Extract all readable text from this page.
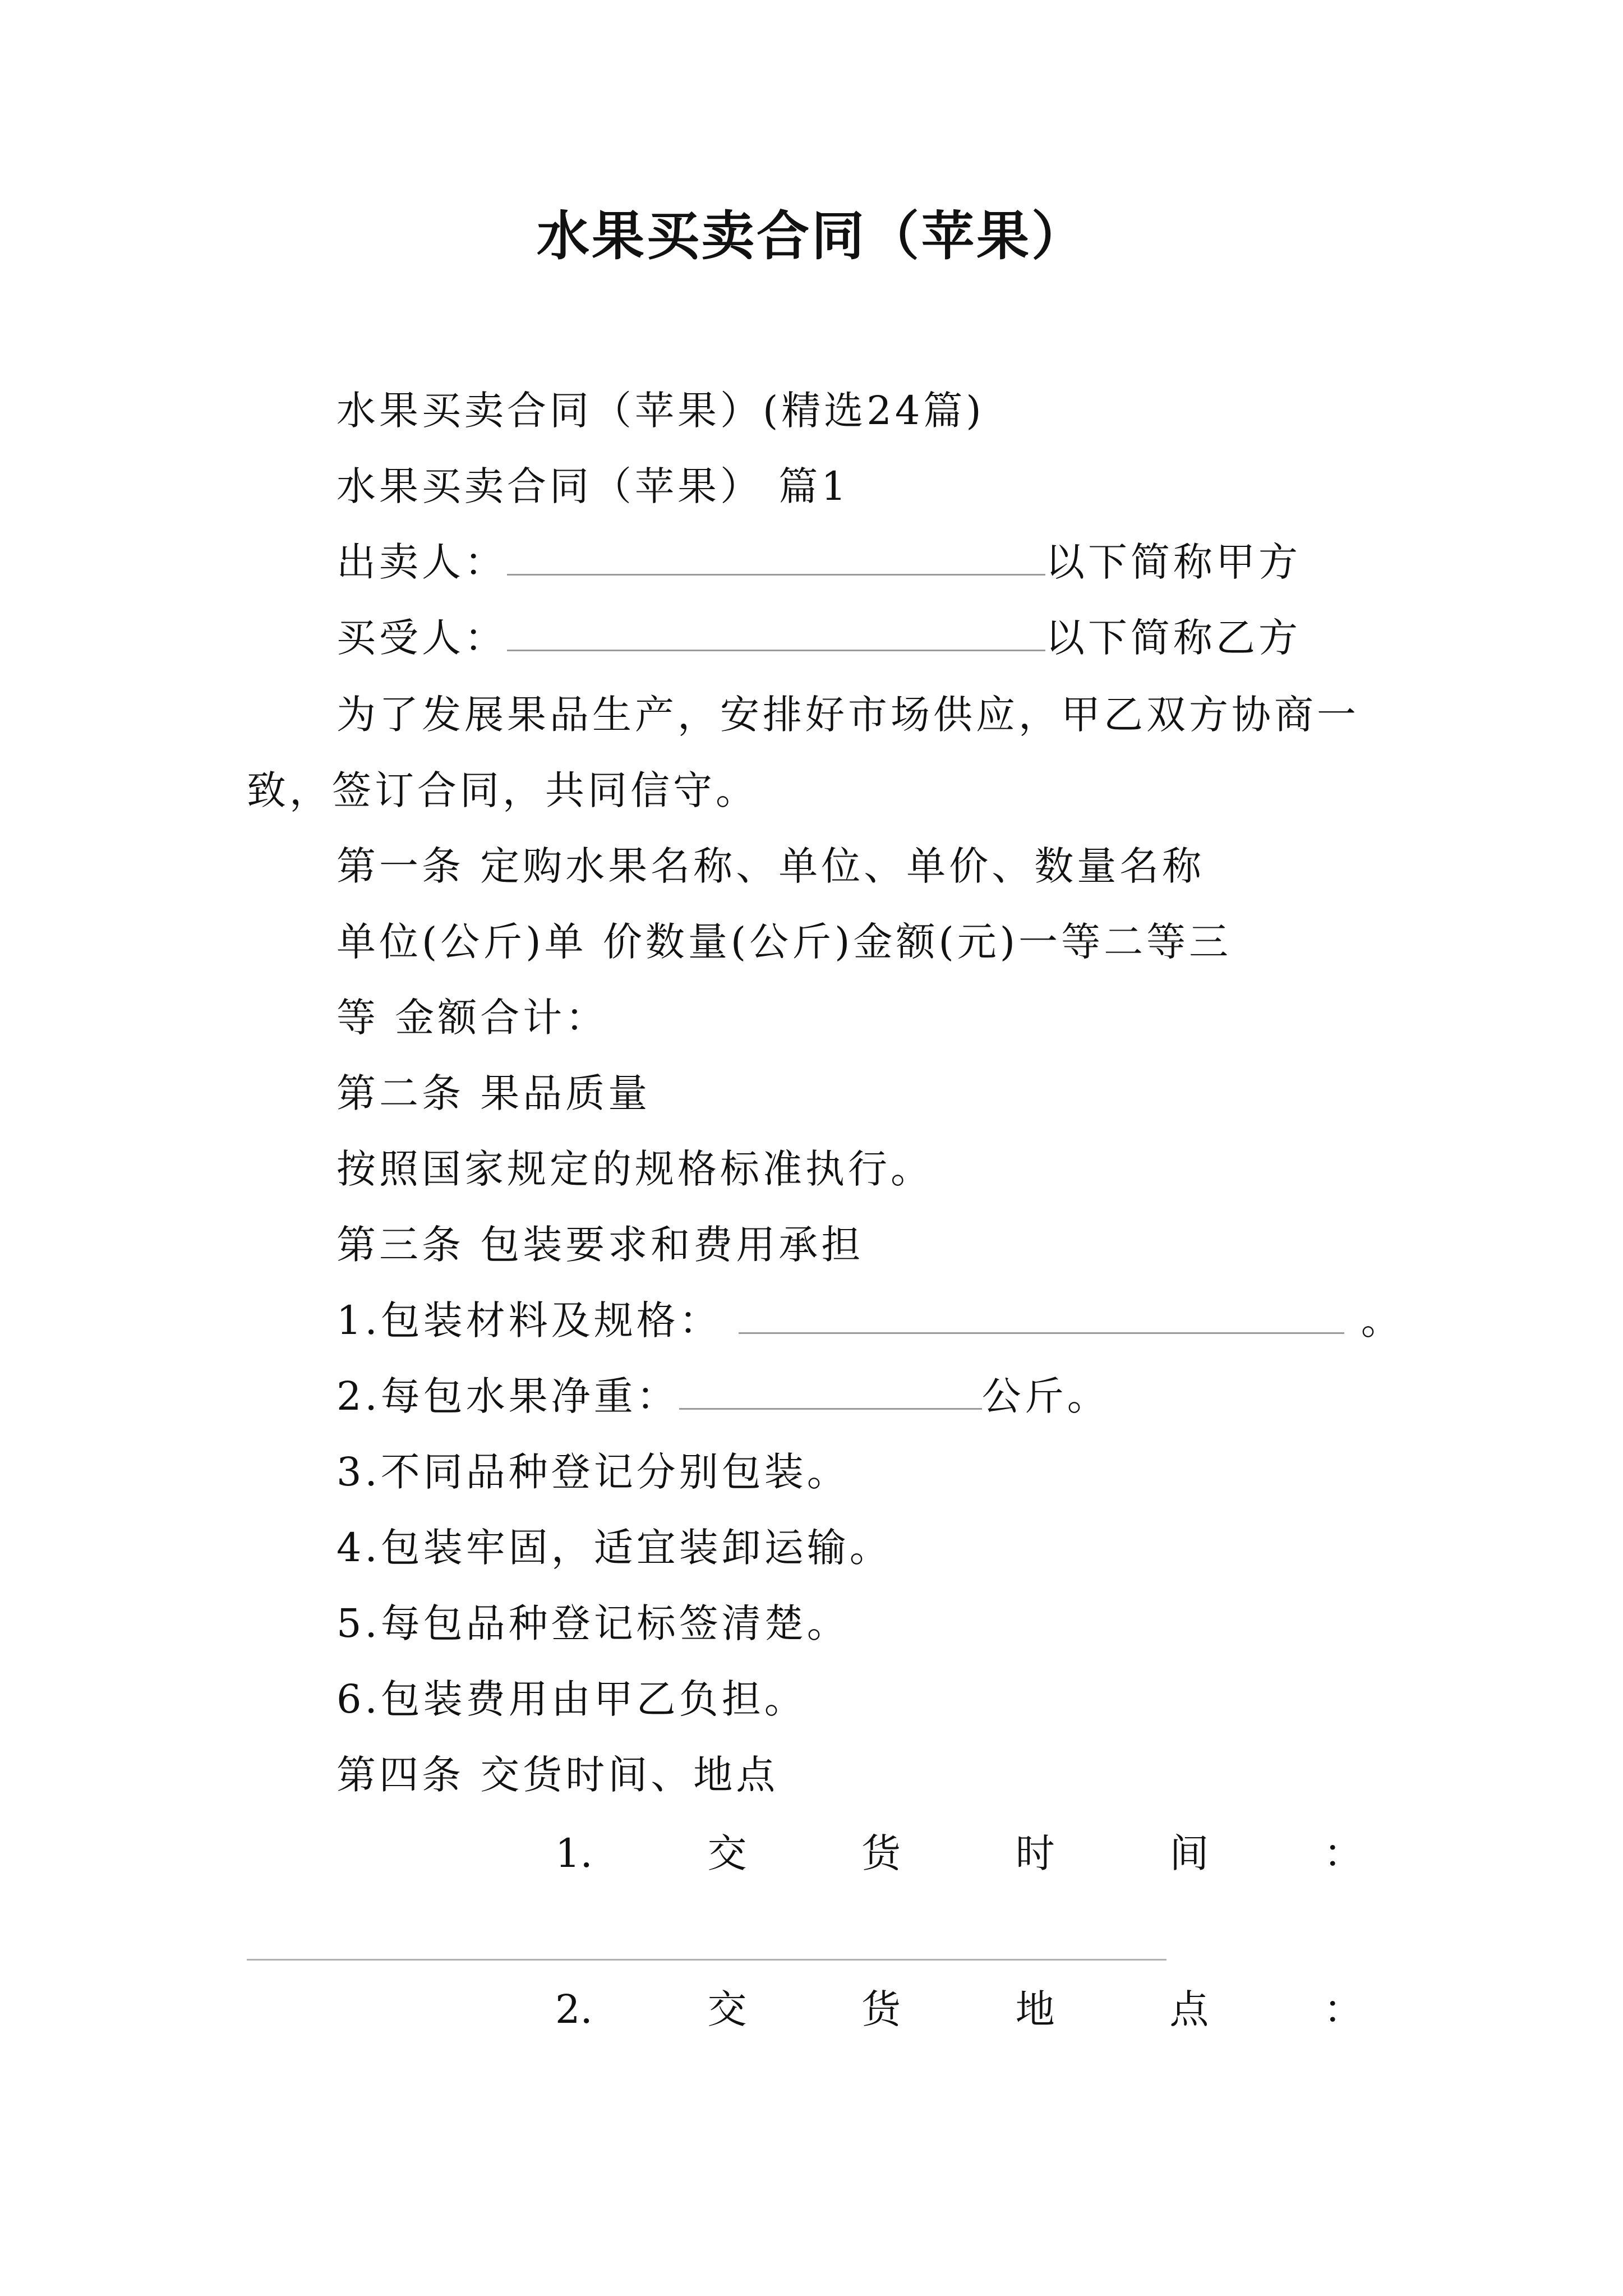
水果买卖合同（苹果）
水果买卖合同（苹果）(精选24篇)
水果买卖合同（苹果） 篇1
出卖人：	以下简称甲方
买受人：	以下简称乙方
为了发展果品生产，安排好市场供应，甲乙双方协商一
致，签订合同，共同信守。
第一条 定购水果名称、单位、单价、数量名称
单位(公斤)单 价数量(公斤)金额(元)一等二等三
等 金额合计：
第二条 果品质量
按照国家规定的规格标准执行。
第三条 包装要求和费用承担
1.包装材料及规格：	。
2.每包水果净重：	公斤。
3.不同品种登记分别包装。
4.包装牢固，适宜装卸运输。
5.每包品种登记标签清楚。
6.包装费用由甲乙负担。
第四条 交货时间、地点
1.	交	货	时	间	：
2.	交	货	地	点	：
